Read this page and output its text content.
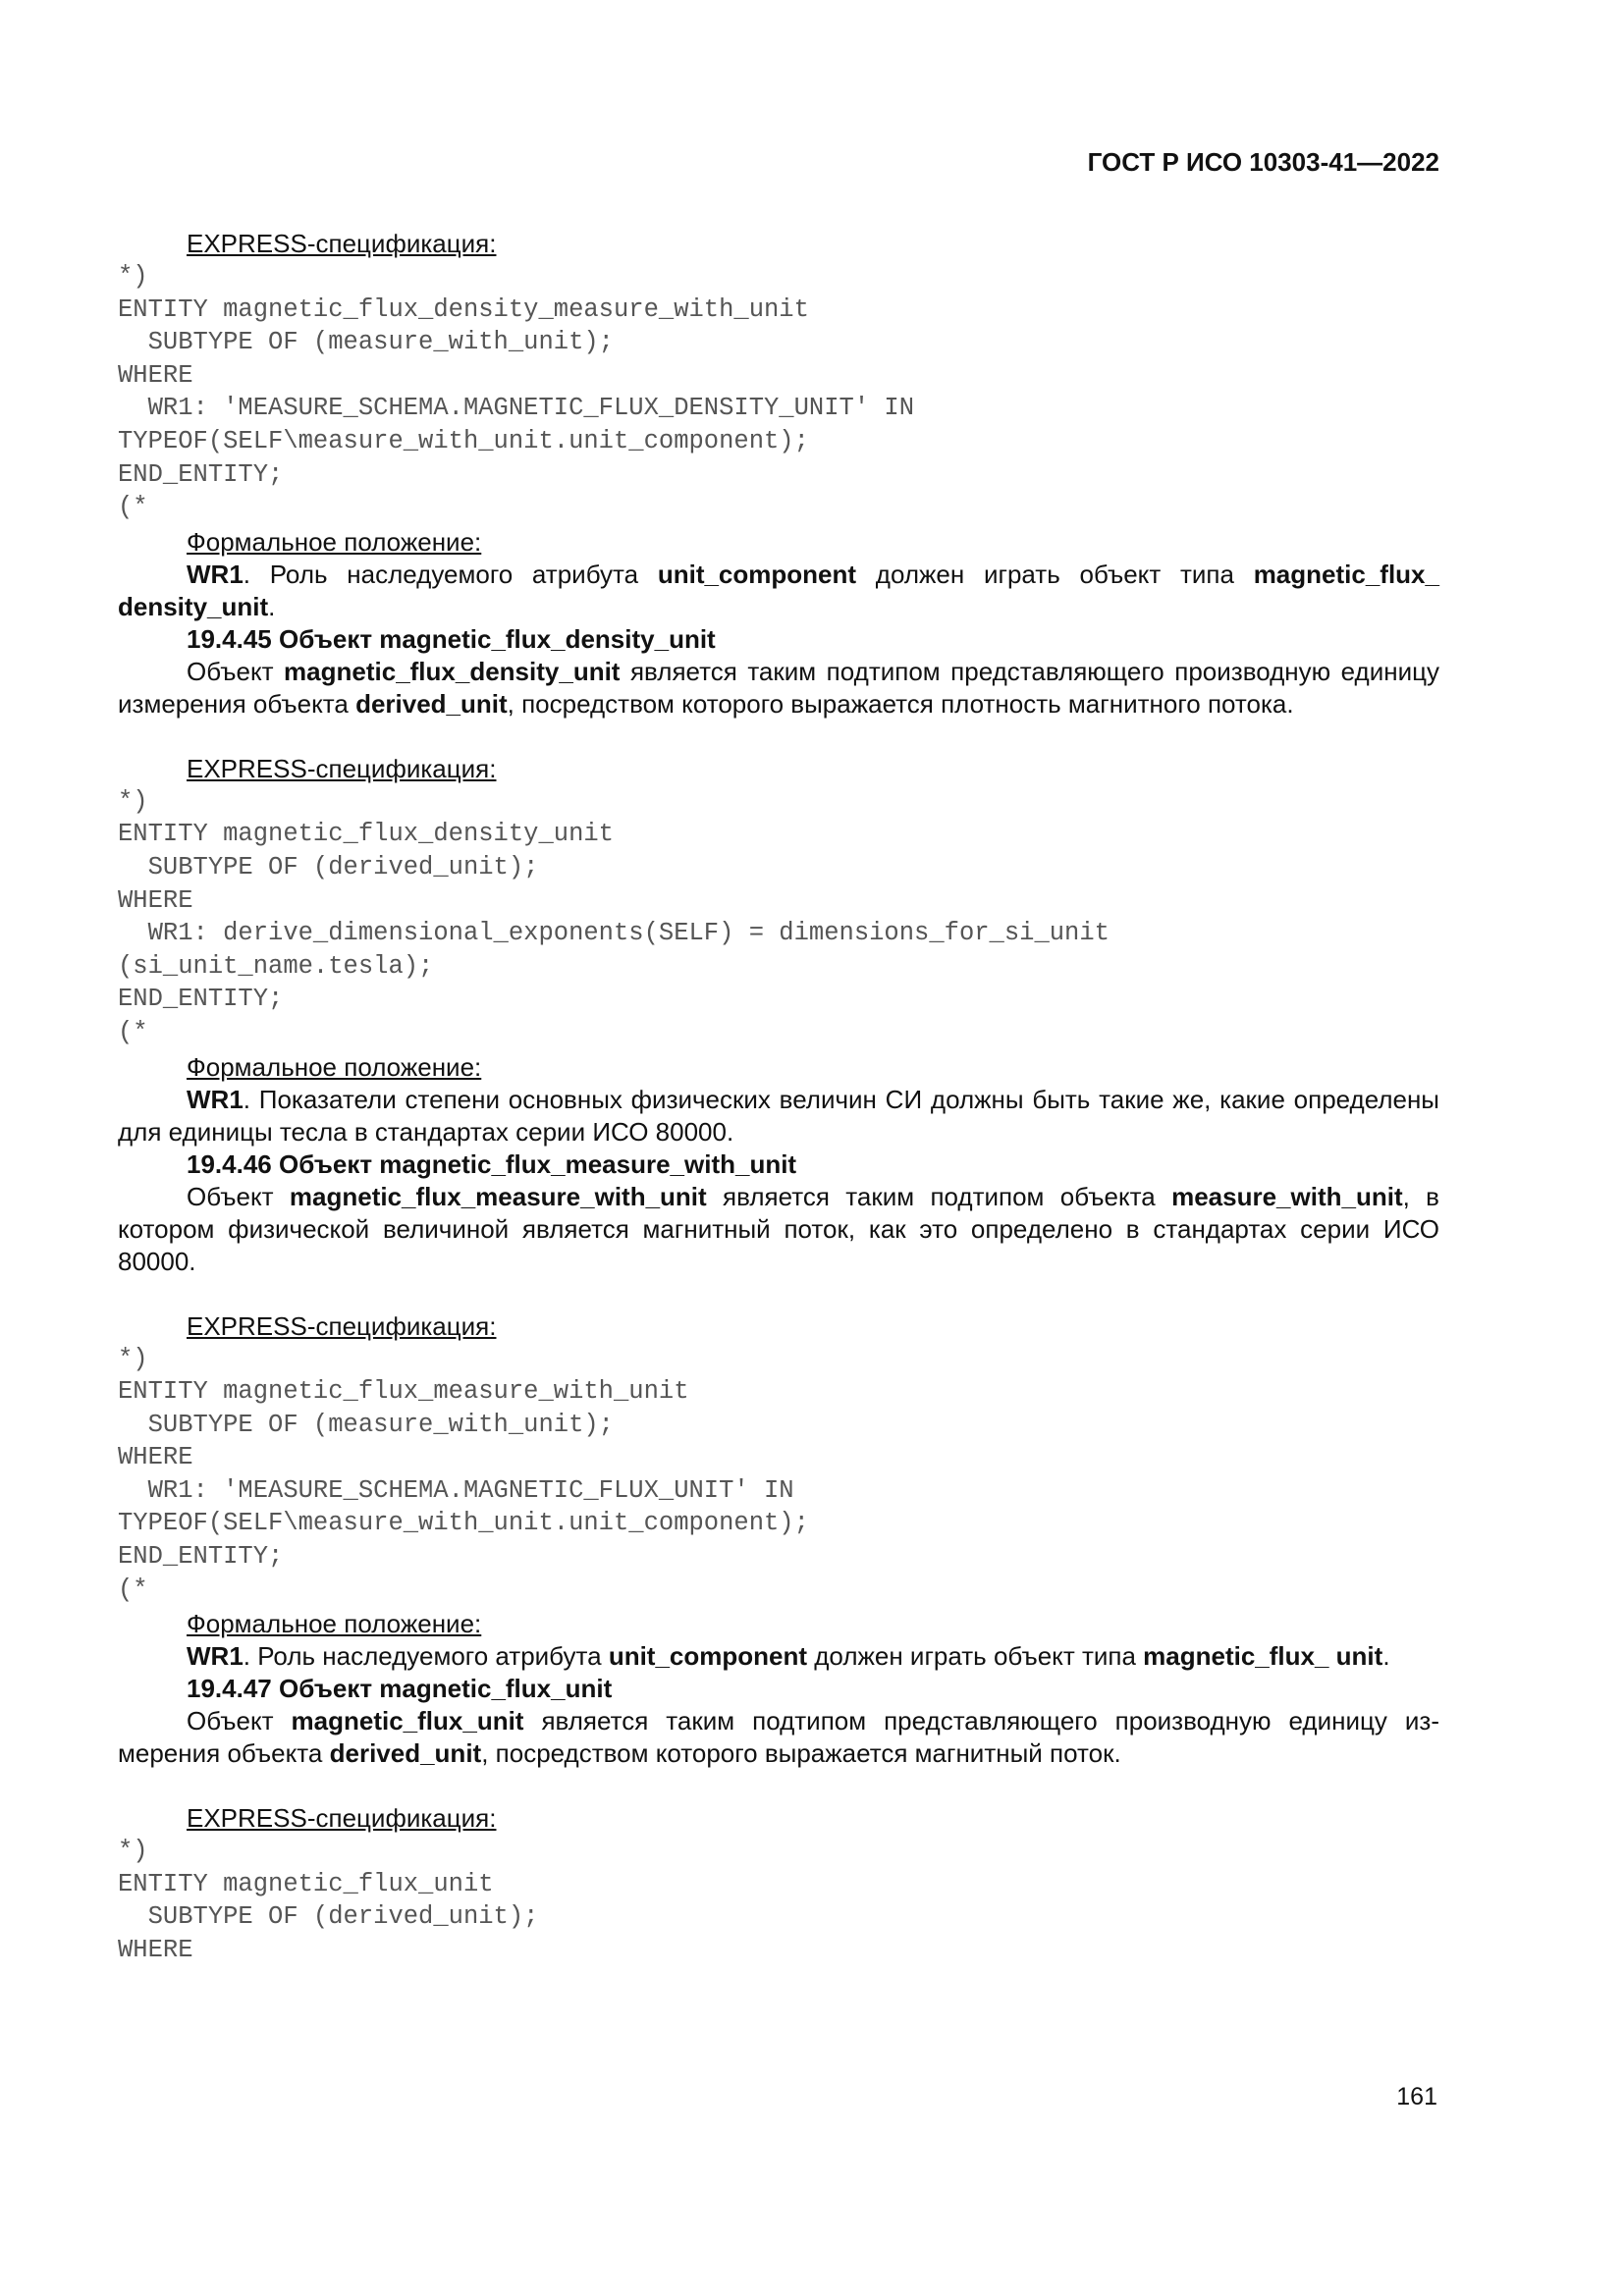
ГОСТ Р ИСО 10303-41—2022

EXPRESS-спецификация:

*)
ENTITY magnetic_flux_density_measure_with_unit
SUBTYPE OF (measure_with_unit);
WHERE
WR1: 'MEASURE_SCHEMA.MAGNETIC_FLUX_DENSITY_UNIT' IN
TYPEOF(SELF\measure_with_unit.unit_component);
END_ENTITY;
(*

Формальное положение:

WR1. Роль наследуемого атрибута unit_component должен играть объект типа magnetic_flux_ density_unit.

19.4.45 Объект magnetic_flux_density_unit

Объект magnetic_flux_density_unit является таким подтипом представляющего производную единицу измерения объекта derived_unit, посредством которого выражается плотность магнитного потока.

EXPRESS-спецификация:

*)
ENTITY magnetic_flux_density_unit
SUBTYPE OF (derived_unit);
WHERE
WR1: derive_dimensional_exponents(SELF) = dimensions_for_si_unit
(si_unit_name.tesla);
END_ENTITY;
(*

Формальное положение:

WR1. Показатели степени основных физических величин СИ должны быть такие же, какие определены для единицы тесла в стандартах серии ИСО 80000.

19.4.46 Объект magnetic_flux_measure_with_unit

Объект magnetic_flux_measure_with_unit является таким подтипом объекта measure_with_unit, в котором физической величиной является магнитный поток, как это определено в стандартах серии ИСО 80000.

EXPRESS-спецификация:

*)
ENTITY magnetic_flux_measure_with_unit
SUBTYPE OF (measure_with_unit);
WHERE
WR1: 'MEASURE_SCHEMA.MAGNETIC_FLUX_UNIT' IN
TYPEOF(SELF\measure_with_unit.unit_component);
END_ENTITY;
(*

Формальное положение:

WR1. Роль наследуемого атрибута unit_component должен играть объект типа magnetic_flux_ unit.

19.4.47 Объект magnetic_flux_unit

Объект magnetic_flux_unit является таким подтипом представляющего производную единицу измерения объекта derived_unit, посредством которого выражается магнитный поток.

EXPRESS-спецификация:

*)
ENTITY magnetic_flux_unit
SUBTYPE OF (derived_unit);
WHERE
161
